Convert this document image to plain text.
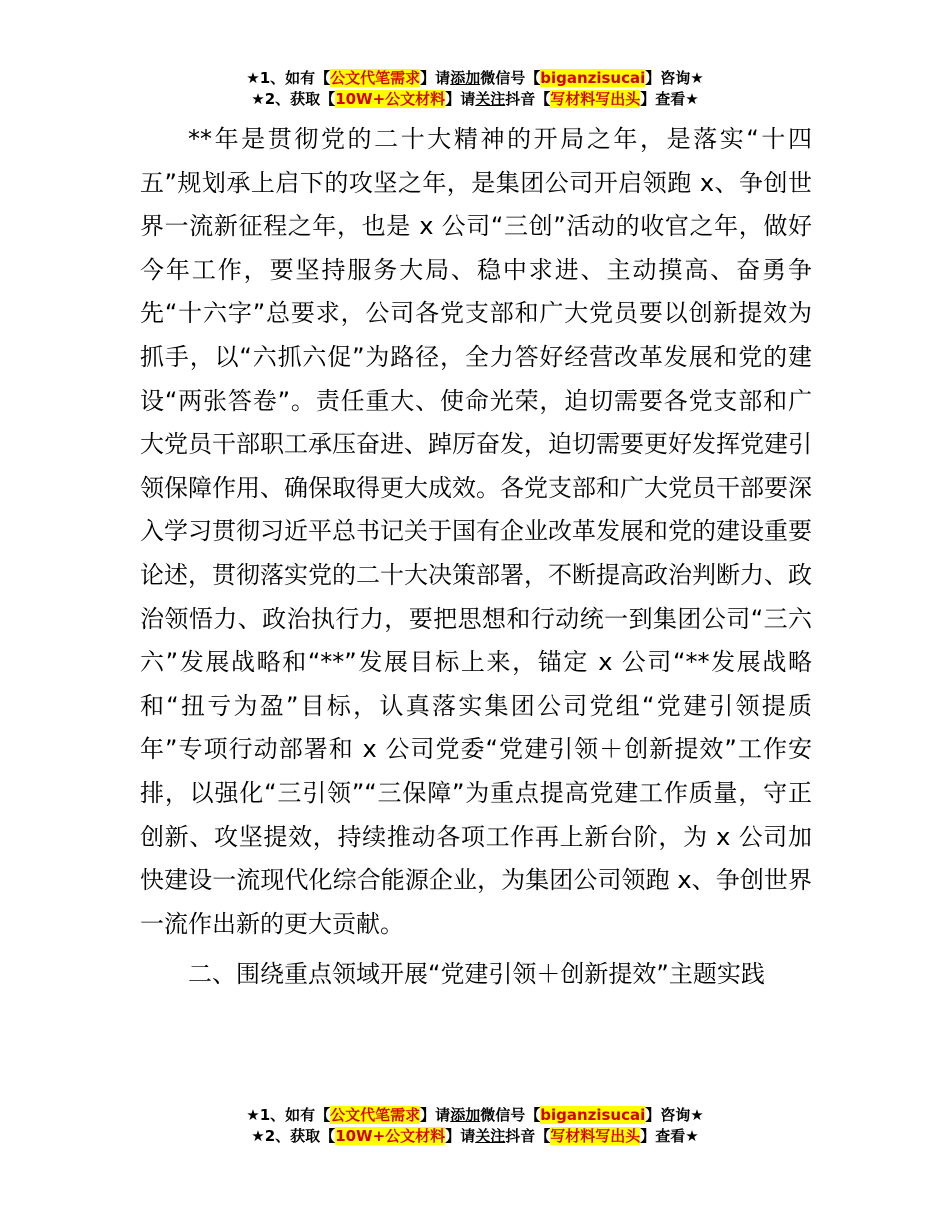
★1、如有【公文代笔需求】请添加微信号【biganzisucai】咨询★
★2、获取【10W+公文材料】请关注抖音【写材料写出头】查看★

**年是贯彻党的二十大精神的开局之年，是落实“十四五”规划承上启下的攻坚之年，是集团公司开启领跑 x、争创世界一流新征程之年，也是 x 公司“三创”活动的收官之年，做好今年工作，要坚持服务大局、稳中求进、主动摸高、奋勇争先“十六字”总要求，公司各党支部和广大党员要以创新提效为抓手，以“六抓六促”为路径，全力答好经营改革发展和党的建设“两张答卷”。责任重大、使命光荣，迫切需要各党支部和广大党员干部职工承压奋进、踔厉奋发，迫切需要更好发挥党建引领保障作用、确保取得更大成效。各党支部和广大党员干部要深入学习贯彻习近平总书记关于国有企业改革发展和党的建设重要论述，贯彻落实党的二十大决策部署，不断提高政治判断力、政治领悟力、政治执行力，要把思想和行动统一到集团公司“三六六”发展战略和“**”发展目标上来，锚定 x 公司“**发展战略和“扭亏为盈”目标，认真落实集团公司党组“党建引领提质年”专项行动部署和 x 公司党委“党建引领＋创新提效”工作安排，以强化“三引领”“三保障”为重点提高党建工作质量，守正创新、攻坚提效，持续推动各项工作再上新台阶，为 x 公司加快建设一流现代化综合能源企业，为集团公司领跑 x、争创世界一流作出新的更大贡献。

二、围绕重点领域开展“党建引领＋创新提效”主题实践

★1、如有【公文代笔需求】请添加微信号【biganzisucai】咨询★
★2、获取【10W+公文材料】请关注抖音【写材料写出头】查看★
